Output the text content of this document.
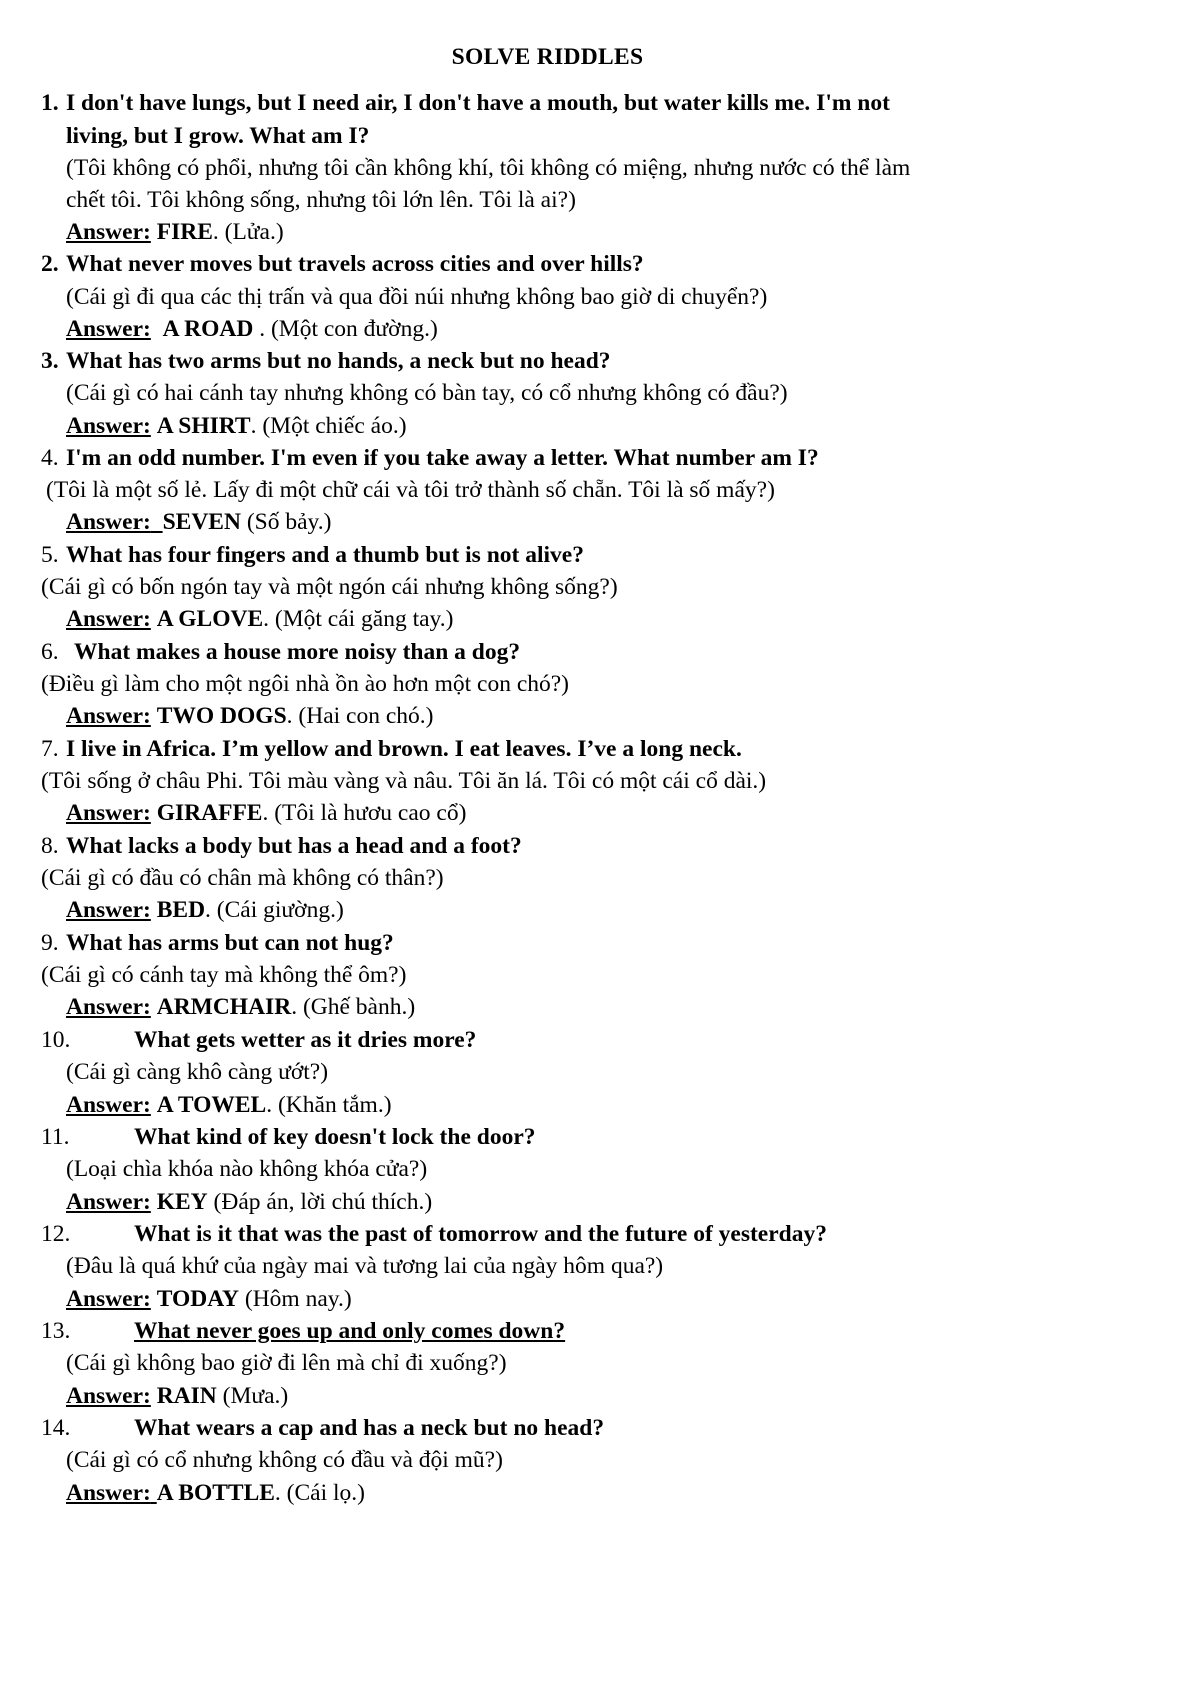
SOLVE RIDDLES
1. I don't have lungs, but I need air, I don't have a mouth, but water kills me. I'm not
living, but I grow. What am I?
(Tôi không có phổi, nhưng tôi cần không khí, tôi không có miệng, nhưng nước có thể làm
chết tôi. Tôi không sống, nhưng tôi lớn lên. Tôi là ai?)
Answer: FIRE. (Lửa.)
2. What never moves but travels across cities and over hills?
(Cái gì đi qua các thị trấn và qua đồi núi nhưng không bao giờ di chuyển?)
Answer: A ROAD . (Một con đường.)
3. What has two arms but no hands, a neck but no head?
(Cái gì có hai cánh tay nhưng không có bàn tay, có cổ nhưng không có đầu?)
Answer: A SHIRT. (Một chiếc áo.)
4. I'm an odd number. I'm even if you take away a letter. What number am I?
(Tôi là một số lẻ. Lấy đi một chữ cái và tôi trở thành số chẵn. Tôi là số mấy?)
Answer: SEVEN (Số bảy.)
5. What has four fingers and a thumb but is not alive?
(Cái gì có bốn ngón tay và một ngón cái nhưng không sống?)
Answer: A GLOVE. (Một cái găng tay.)
6. What makes a house more noisy than a dog?
(Điều gì làm cho một ngôi nhà ồn ào hơn một con chó?)
Answer: TWO DOGS. (Hai con chó.)
7. I live in Africa. I’m yellow and brown. I eat leaves. I’ve a long neck.
(Tôi sống ở châu Phi. Tôi màu vàng và nâu. Tôi ăn lá. Tôi có một cái cổ dài.)
Answer: GIRAFFE. (Tôi là hươu cao cổ)
8. What lacks a body but has a head and a foot?
(Cái gì có đầu có chân mà không có thân?)
Answer: BED. (Cái giường.)
9. What has arms but can not hug?
(Cái gì có cánh tay mà không thể ôm?)
Answer: ARMCHAIR. (Ghế bành.)
10.	What gets wetter as it dries more?
(Cái gì càng khô càng ướt?)
Answer: A TOWEL. (Khăn tắm.)
11.	What kind of key doesn't lock the door?
(Loại chìa khóa nào không khóa cửa?)
Answer: KEY (Đáp án, lời chú thích.)
12.	What is it that was the past of tomorrow and the future of yesterday?
(Đâu là quá khứ của ngày mai và tương lai của ngày hôm qua?)
Answer: TODAY (Hôm nay.)
13.	What never goes up and only comes down?
(Cái gì không bao giờ đi lên mà chỉ đi xuống?)
Answer: RAIN (Mưa.)
14.	What wears a cap and has a neck but no head?
(Cái gì có cổ nhưng không có đầu và đội mũ?)
Answer: A BOTTLE. (Cái lọ.)
